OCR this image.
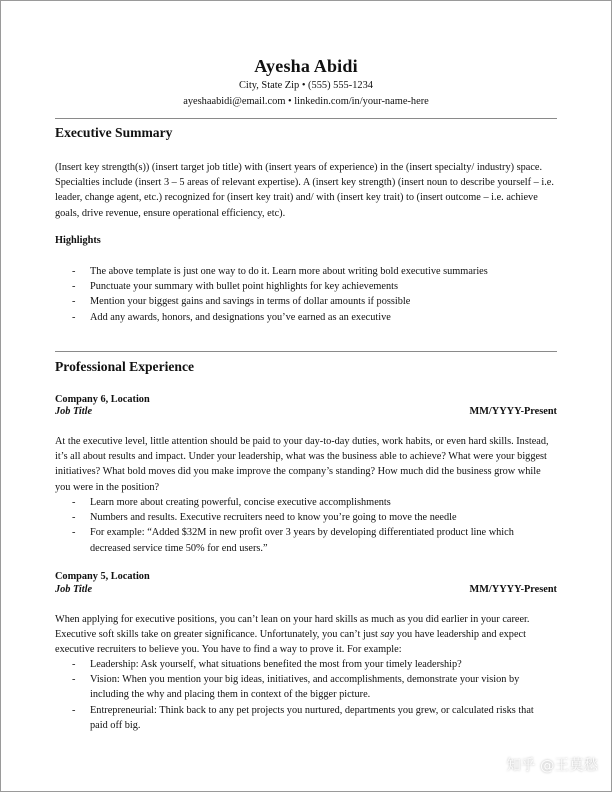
Ayesha Abidi
City, State Zip • (555) 555-1234
ayeshaabidi@email.com • linkedin.com/in/your-name-here
Executive Summary
(Insert key strength(s)) (insert target job title) with (insert years of experience) in the (insert specialty/ industry) space. Specialties include (insert 3 – 5 areas of relevant expertise). A (insert key strength) (insert noun to describe yourself – i.e. leader, change agent, etc.) recognized for (insert key trait) and/ with (insert key trait) to (insert outcome – i.e. achieve goals, drive revenue, ensure operational efficiency, etc).
Highlights
- The above template is just one way to do it. Learn more about writing bold executive summaries
- Punctuate your summary with bullet point highlights for key achievements
- Mention your biggest gains and savings in terms of dollar amounts if possible
- Add any awards, honors, and designations you’ve earned as an executive
Professional Experience
Company 6, Location
Job Title	MM/YYYY-Present
At the executive level, little attention should be paid to your day-to-day duties, work habits, or even hard skills. Instead, it’s all about results and impact. Under your leadership, what was the business able to achieve? What were your biggest initiatives? What bold moves did you make improve the company’s standing? How much did the business grow while you were in the position?
- Learn more about creating powerful, concise executive accomplishments
- Numbers and results. Executive recruiters need to know you’re going to move the needle
- For example: “Added $32M in new profit over 3 years by developing differentiated product line which decreased service time 50% for end users.”
Company 5, Location
Job Title	MM/YYYY-Present
When applying for executive positions, you can’t lean on your hard skills as much as you did earlier in your career. Executive soft skills take on greater significance. Unfortunately, you can’t just say you have leadership and expect executive recruiters to believe you. You have to find a way to prove it. For example:
- Leadership: Ask yourself, what situations benefited the most from your timely leadership?
- Vision: When you mention your big ideas, initiatives, and accomplishments, demonstrate your vision by including the why and placing them in context of the bigger picture.
- Entrepreneurial: Think back to any pet projects you nurtured, departments you grew, or calculated risks that paid off big.
知乎 @王莫愁
